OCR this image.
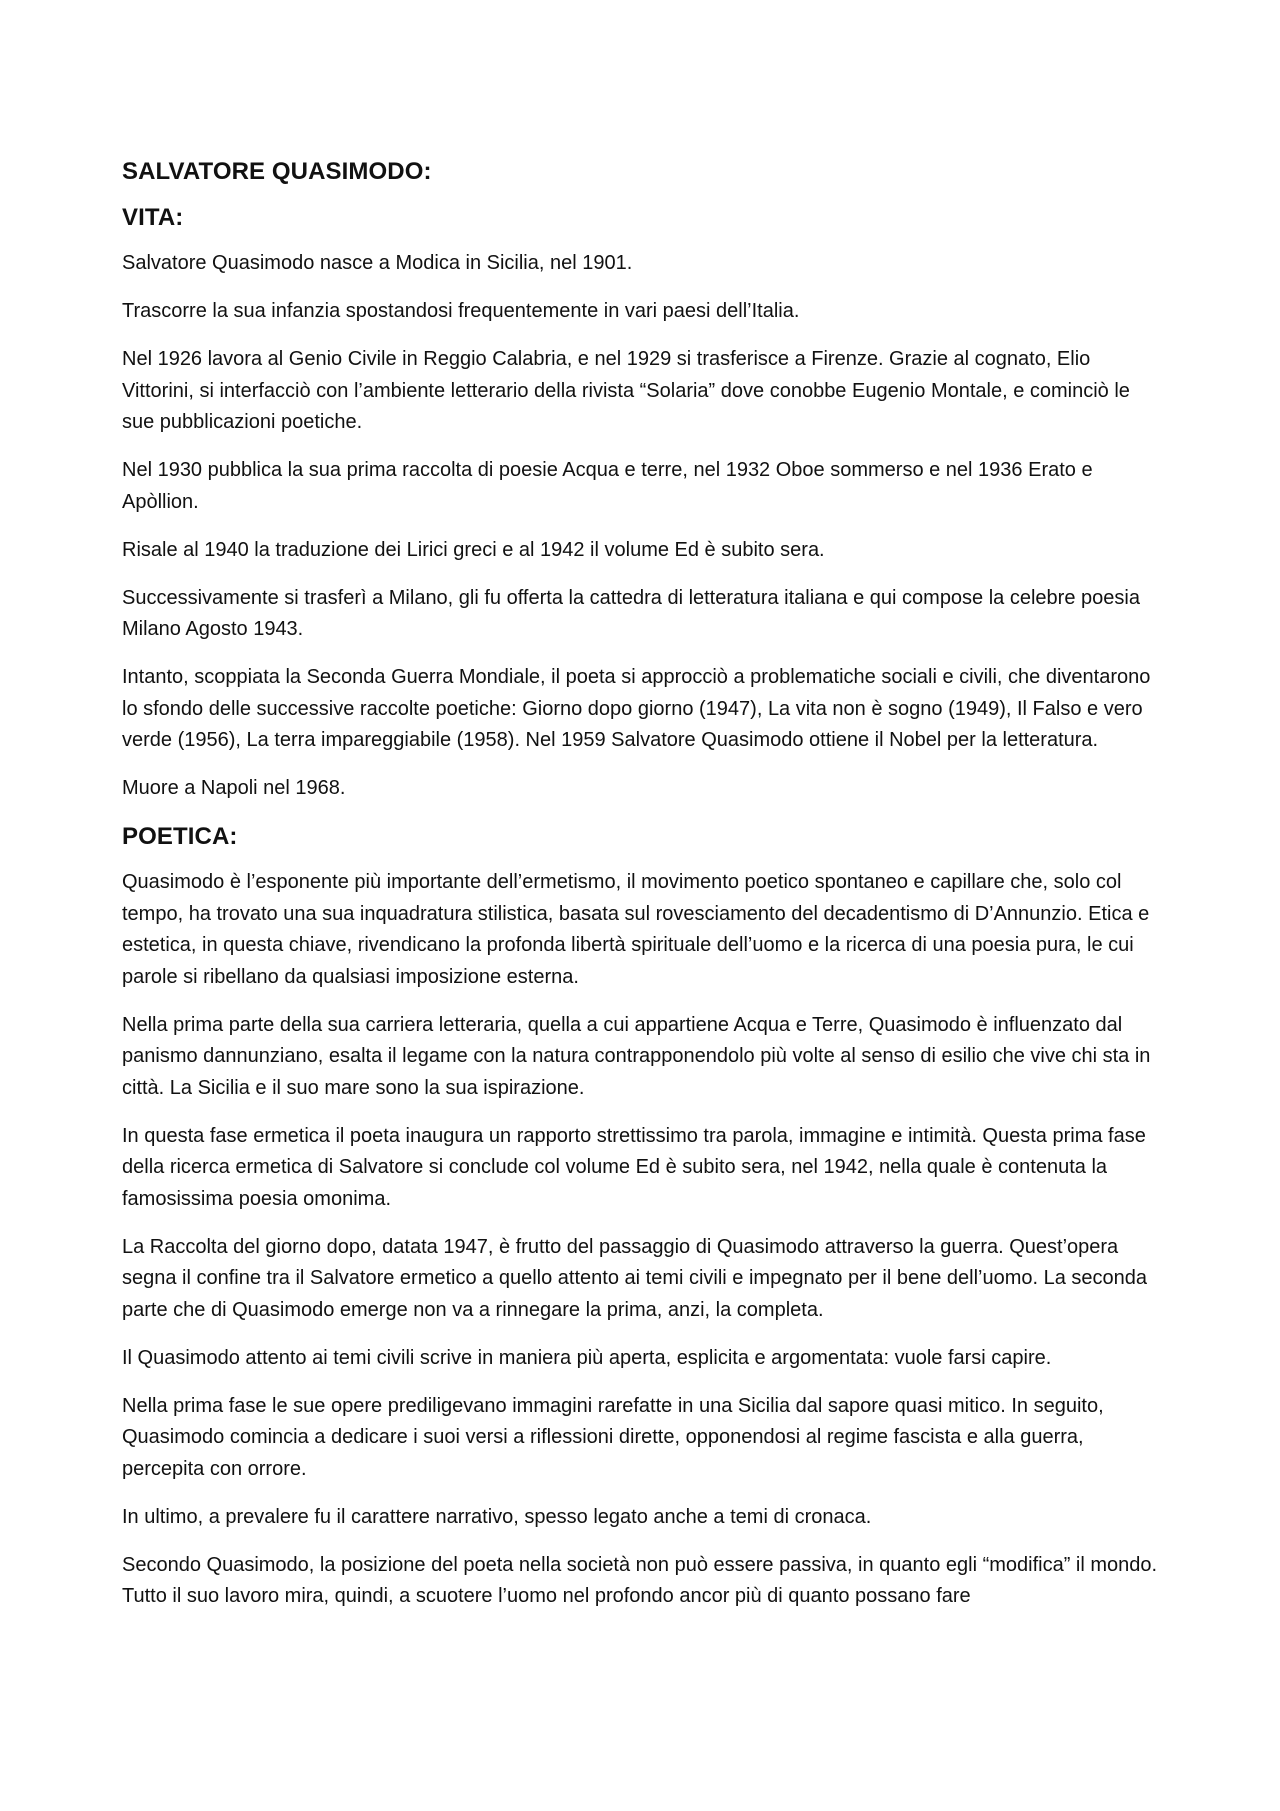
SALVATORE QUASIMODO:
VITA:

Salvatore Quasimodo nasce a Modica in Sicilia, nel 1901.

Trascorre la sua infanzia spostandosi frequentemente in vari paesi dell’Italia.

Nel 1926 lavora al Genio Civile in Reggio Calabria, e nel 1929 si trasferisce a Firenze. Grazie al cognato, Elio Vittorini, si interfacciò con l’ambiente letterario della rivista “Solaria” dove conobbe Eugenio Montale, e cominciò le sue pubblicazioni poetiche.

Nel 1930 pubblica la sua prima raccolta di poesie Acqua e terre, nel 1932 Oboe sommerso e nel 1936 Erato e Apòllion.

Risale al 1940 la traduzione dei Lirici greci e al 1942 il volume Ed è subito sera.

Successivamente si trasferì a Milano, gli fu offerta la cattedra di letteratura italiana e qui compose la celebre poesia Milano Agosto 1943.

Intanto, scoppiata la Seconda Guerra Mondiale, il poeta si approcciò a problematiche sociali e civili, che diventarono lo sfondo delle successive raccolte poetiche: Giorno dopo giorno (1947), La vita non è sogno (1949), Il Falso e vero verde (1956), La terra impareggiabile (1958). Nel 1959 Salvatore Quasimodo ottiene il Nobel per la letteratura.

Muore a Napoli nel 1968.

POETICA:

Quasimodo è l’esponente più importante dell’ermetismo, il movimento poetico spontaneo e capillare che, solo col tempo, ha trovato una sua inquadratura stilistica, basata sul rovesciamento del decadentismo di D’Annunzio. Etica e estetica, in questa chiave, rivendicano la profonda libertà spirituale dell’uomo e la ricerca di una poesia pura, le cui parole si ribellano da qualsiasi imposizione esterna.

Nella prima parte della sua carriera letteraria, quella a cui appartiene Acqua e Terre, Quasimodo è influenzato dal panismo dannunziano, esalta il legame con la natura contrapponendolo più volte al senso di esilio che vive chi sta in città. La Sicilia e il suo mare sono la sua ispirazione.

In questa fase ermetica il poeta inaugura un rapporto strettissimo tra parola, immagine e intimità. Questa prima fase della ricerca ermetica di Salvatore si conclude col volume Ed è subito sera, nel 1942, nella quale è contenuta la famosissima poesia omonima.

La Raccolta del giorno dopo, datata 1947, è frutto del passaggio di Quasimodo attraverso la guerra. Quest’opera segna il confine tra il Salvatore ermetico a quello attento ai temi civili e impegnato per il bene dell’uomo. La seconda parte che di Quasimodo emerge non va a rinnegare la prima, anzi, la completa.

Il Quasimodo attento ai temi civili scrive in maniera più aperta, esplicita e argomentata: vuole farsi capire.

Nella prima fase le sue opere prediligevano immagini rarefatte in una Sicilia dal sapore quasi mitico. In seguito, Quasimodo comincia a dedicare i suoi versi a riflessioni dirette, opponendosi al regime fascista e alla guerra, percepita con orrore.

In ultimo, a prevalere fu il carattere narrativo, spesso legato anche a temi di cronaca.

Secondo Quasimodo, la posizione del poeta nella società non può essere passiva, in quanto egli “modifica” il mondo. Tutto il suo lavoro mira, quindi, a scuotere l’uomo nel profondo ancor più di quanto possano fare
